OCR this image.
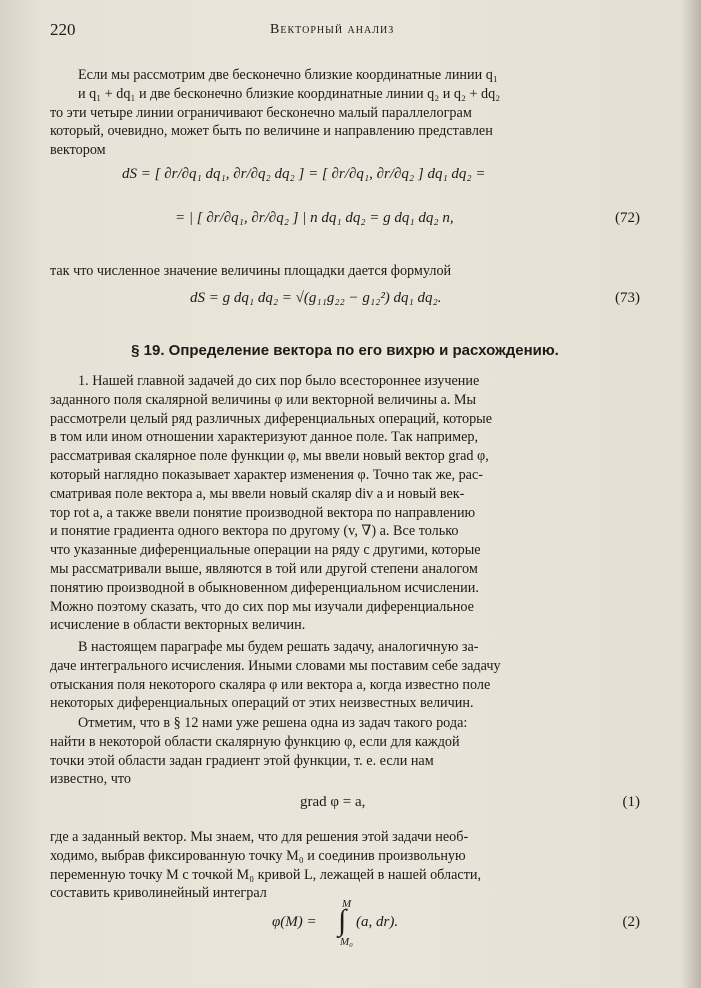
220	Векторный анализ
Если мы рассмотрим две бесконечно близкие координатные линии q₁
и q₁ + dq₁ и две бесконечно близкие координатные линии q₂ и q₂ + dq₂
то эти четыре линии ограничивают бесконечно малый параллелограм
который, очевидно, может быть по величине и направлению представлен
вектором
dS = [ ∂r/∂q₁ dq₁, ∂r/∂q₂ dq₂ ] = [ ∂r/∂q₁, ∂r/∂q₂ ] dq₁ dq₂ =
= | [ ∂r/∂q₁, ∂r/∂q₂ ] | n dq₁ dq₂ = g dq₁ dq₂ n,	(72)
так что численное значение величины площадки дается формулой
dS = g dq₁ dq₂ = √(g₁₁g₂₂ − g₁₂²) dq₁ dq₂.	(73)
§ 19. Определение вектора по его вихрю и расхождению.
1. Нашей главной задачей до сих пор было всестороннее изучение
заданного поля скалярной величины φ или векторной величины a. Мы
рассмотрели целый ряд различных диференциальных операций, которые
в том или ином отношении характеризуют данное поле. Так например,
рассматривая скалярное поле функции φ, мы ввели новый вектор grad φ,
который наглядно показывает характер изменения φ. Точно так же, рас-
сматривая поле вектора a, мы ввели новый скаляр div a и новый век-
тор rot a, а также ввели понятие производной вектора по направлению
и понятие градиента одного вектора по другому (v, ∇) a. Все только
что указанные диференциальные операции на ряду с другими, которые
мы рассматривали выше, являются в той или другой степени аналогом
понятию производной в обыкновенном диференциальном исчислении.
Можно поэтому сказать, что до сих пор мы изучали диференциальное
исчисление в области векторных величин.
В настоящем параграфе мы будем решать задачу, аналогичную за-
даче интегрального исчисления. Иными словами мы поставим себе задачу
отыскания поля некоторого скаляра φ или вектора a, когда известно поле
некоторых диференциальных операций от этих неизвестных величин.
Отметим, что в § 12 нами уже решена одна из задач такого рода:
найти в некоторой области скалярную функцию φ, если для каждой
точки этой области задан градиент этой функции, т. е. если нам
известно, что
grad φ = a,	(1)
где a заданный вектор. Мы знаем, что для решения этой задачи необ-
ходимо, выбрав фиксированную точку M₀ и соединив произвольную
переменную точку M с точкой M₀ кривой L, лежащей в нашей области,
составить криволинейный интеграл
φ(M) =
M
∫
M₀
(a, dr).	(2)
